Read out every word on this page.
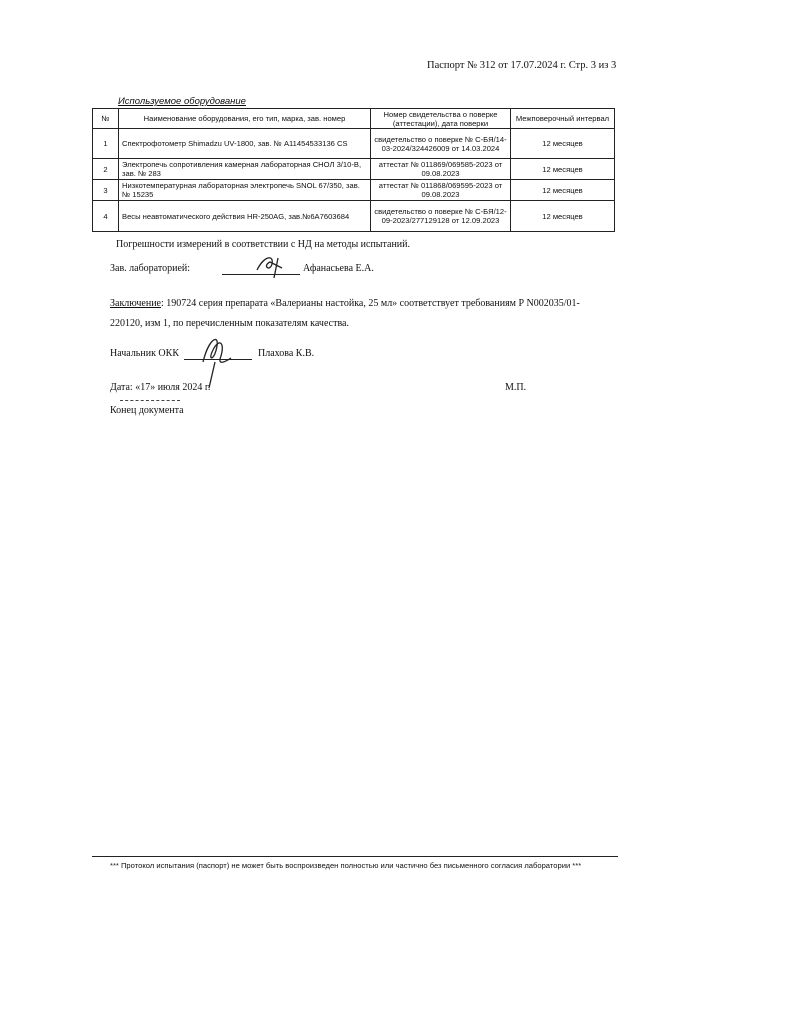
Паспорт № 312 от 17.07.2024 г. Стр. 3 из 3
Используемое оборудование
№	Наименование оборудования, его тип, марка, зав. номер	Номер свидетельства о поверке (аттестации), дата поверки	Межповерочный интервал
1	Спектрофотометр Shimadzu UV-1800, зав. № A11454533136 CS	свидетельство о поверке № С-БЯ/14-03-2024/324426009 от 14.03.2024	12 месяцев
2	Электропечь сопротивления камерная лабораторная СНОЛ 3/10-В, зав. № 283	аттестат № 011869/069585-2023 от 09.08.2023	12 месяцев
3	Низкотемпературная лабораторная электропечь SNOL 67/350, зав. № 15235	аттестат № 011868/069595-2023 от 09.08.2023	12 месяцев
4	Весы неавтоматического действия HR-250AG, зав.№6A7603684	свидетельство о поверке № С-БЯ/12-09-2023/277129128 от 12.09.2023	12 месяцев
Погрешности измерений в соответствии с НД на методы испытаний.
Зав. лабораторией:	Афанасьева Е.А.
Заключение: 190724 серия препарата «Валерианы настойка, 25 мл» соответствует требованиям Р N002035/01-
220120, изм 1, по перечисленным показателям качества.
Начальник ОКК	Плахова К.В.
Дата: «17» июля 2024 г.	М.П.
Конец документа
*** Протокол испытания (паспорт) не может быть воспроизведен полностью или частично без письменного согласия лаборатории ***
